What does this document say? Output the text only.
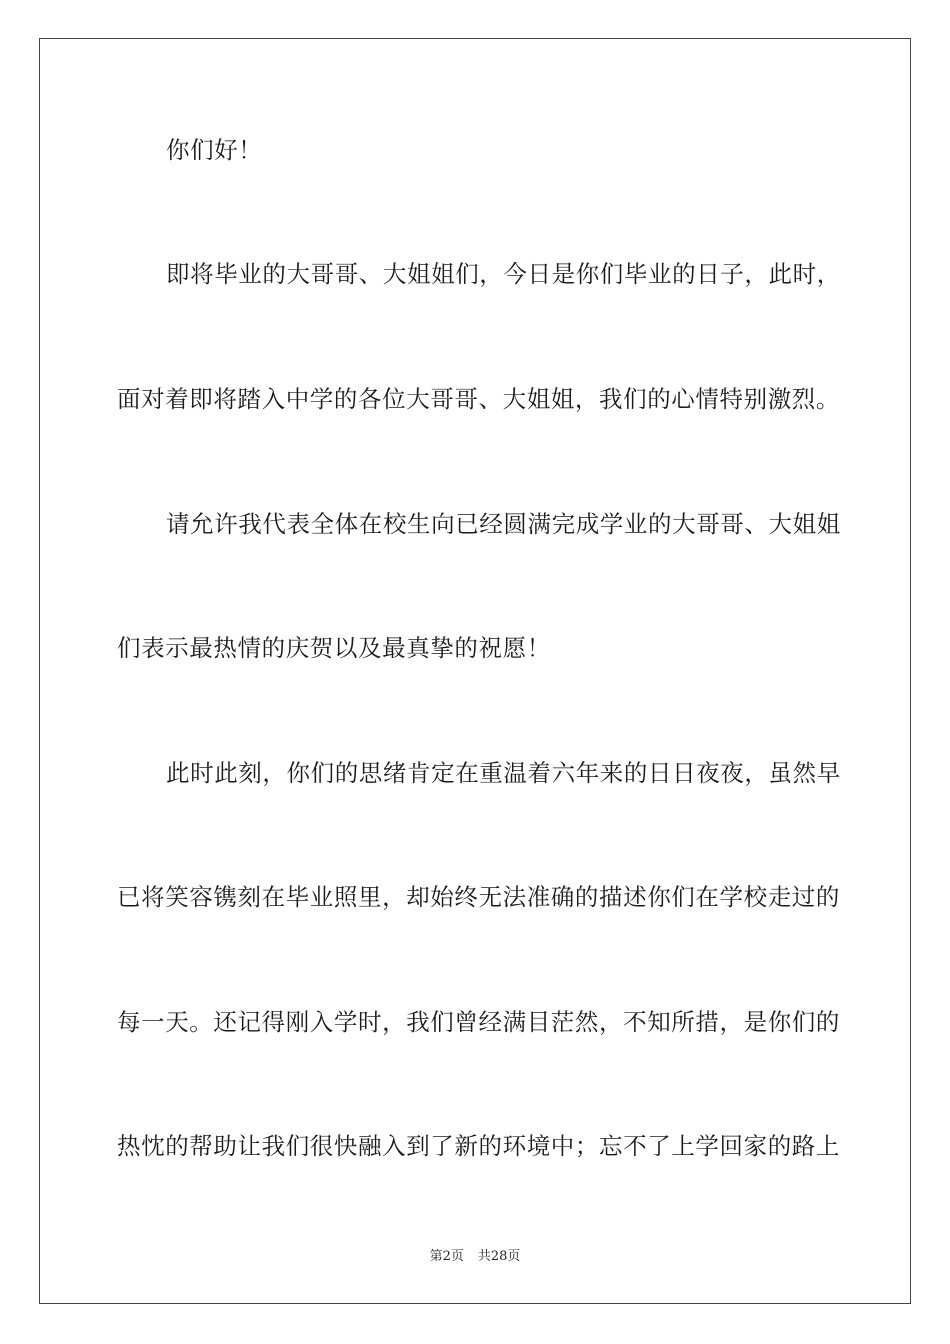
你们好！
即将毕业的大哥哥、大姐姐们，今日是你们毕业的日子，此时，
面对着即将踏入中学的各位大哥哥、大姐姐，我们的心情特别激烈。
请允许我代表全体在校生向已经圆满完成学业的大哥哥、大姐姐
们表示最热情的庆贺以及最真挚的祝愿！
此时此刻，你们的思绪肯定在重温着六年来的日日夜夜，虽然早
已将笑容镌刻在毕业照里，却始终无法准确的描述你们在学校走过的
每一天。还记得刚入学时，我们曾经满目茫然，不知所措，是你们的
热忱的帮助让我们很快融入到了新的环境中；忘不了上学回家的路上
第2页 共28页
